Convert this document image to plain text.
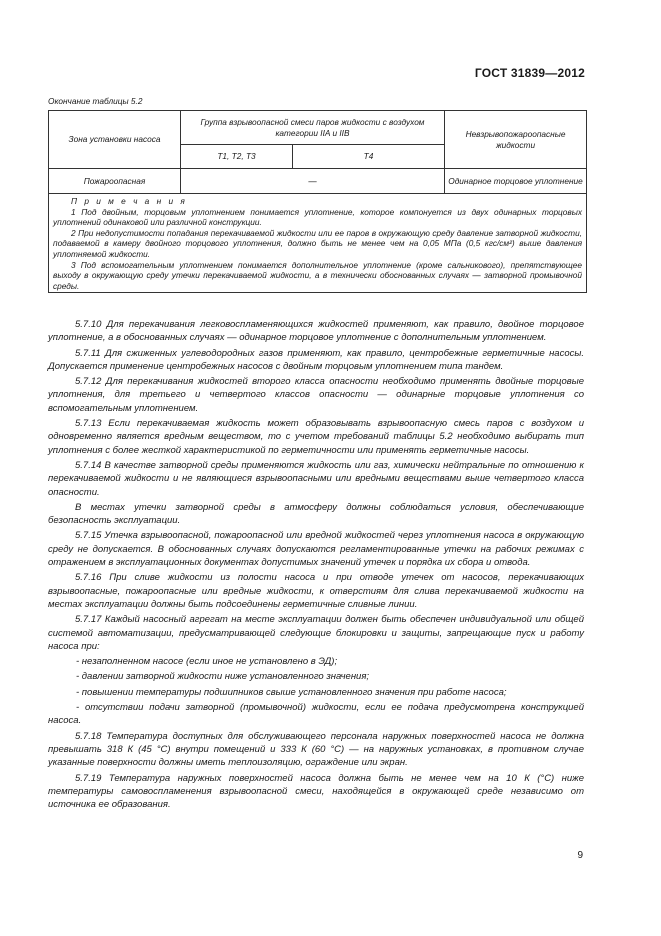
ГОСТ 31839—2012
Окончание таблицы 5.2
Зона установки насоса	Группа взрывоопасной смеси паров жидкости с воздухом категории IIA и IIB		Невзрывопожароопасные жидкости
	Т1, Т2, Т3	Т4	
Пожароопасная	—		Одинарное торцовое уплотнение

П р и м е ч а н и я

1 Под двойным, торцовым уплотнением понимается уплотнение, которое компонуется из двух одинарных торцовых уплотнений одинаковой или различной конструкции.

2 При недопустимости попадания перекачиваемой жидкости или ее паров в окружающую среду давление затворной жидкости, подаваемой в камеру двойного торцового уплотнения, должно быть не менее чем на 0,05 МПа (0,5 кгс/см²) выше давления уплотняемой жидкости.

3 Под вспомогательным уплотнением понимается дополнительное уплотнение (кроме сальникового), препятствующее выходу в окружающую среду утечки перекачиваемой жидкости, а в технически обоснованных случаях — затворной промывочной среды.			

5.7.10 Для перекачивания легковоспламеняющихся жидкостей применяют, как правило, двойное торцовое уплотнение, а в обоснованных случаях — одинарное торцовое уплотнение с дополнительным уплотнением.

5.7.11 Для сжиженных углеводородных газов применяют, как правило, центробежные герметичные насосы. Допускается применение центробежных насосов с двойным торцовым уплотнением типа тандем.

5.7.12 Для перекачивания жидкостей второго класса опасности необходимо применять двойные торцовые уплотнения, для третьего и четвертого классов опасности — одинарные торцовые уплотнения со вспомогательным уплотнением.

5.7.13 Если перекачиваемая жидкость может образовывать взрывоопасную смесь паров с воздухом и одновременно является вредным веществом, то с учетом требований таблицы 5.2 необходимо выбирать тип уплотнения с более жесткой характеристикой по герметичности или применять герметичные насосы.

5.7.14 В качестве затворной среды применяются жидкость или газ, химически нейтральные по отношению к перекачиваемой жидкости и не являющиеся взрывоопасными или вредными веществами выше четвертого класса опасности.

В местах утечки затворной среды в атмосферу должны соблюдаться условия, обеспечивающие безопасность эксплуатации.

5.7.15 Утечка взрывоопасной, пожароопасной или вредной жидкостей через уплотнения насоса в окружающую среду не допускается. В обоснованных случаях допускаются регламентированные утечки на рабочих режимах с отражением в эксплуатационных документах допустимых значений утечек и порядка их сбора и отвода.

5.7.16 При сливе жидкости из полости насоса и при отводе утечек от насосов, перекачивающих взрывоопасные, пожароопасные или вредные жидкости, к отверстиям для слива перекачиваемой жидкости на местах эксплуатации должны быть подсоединены герметичные сливные линии.

5.7.17 Каждый насосный агрегат на месте эксплуатации должен быть обеспечен индивидуальной или общей системой автоматизации, предусматривающей следующие блокировки и защиты, запрещающие пуск и работу насоса при:

- незаполненном насосе (если иное не установлено в ЭД);

- давлении затворной жидкости ниже установленного значения;

- повышении температуры подшипников свыше установленного значения при работе насоса;

- отсутствии подачи затворной (промывочной) жидкости, если ее подача предусмотрена конструкцией насоса.

5.7.18 Температура доступных для обслуживающего персонала наружных поверхностей насоса не должна превышать 318 К (45 °С) внутри помещений и 333 К (60 °С) — на наружных установках, в противном случае указанные поверхности должны иметь теплоизоляцию, ограждение или экран.

5.7.19 Температура наружных поверхностей насоса должна быть не менее чем на 10 К (°С) ниже температуры самовоспламенения взрывоопасной смеси, находящейся в окружающей среде независимо от источника ее образования.

9
